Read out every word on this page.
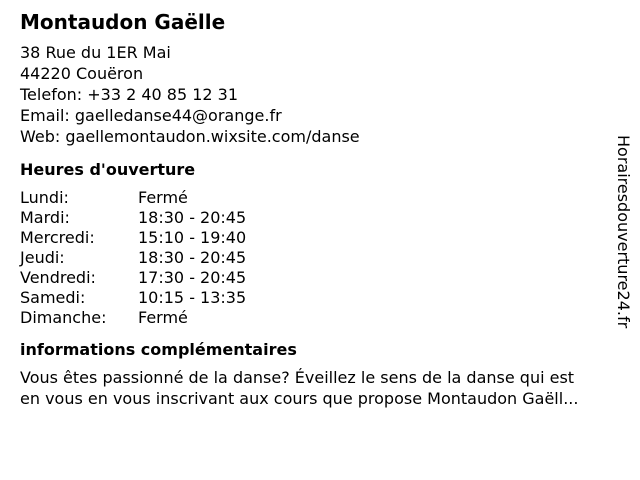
Montaudon Gaëlle
38 Rue du 1ER Mai
44220 Couëron
Telefon: +33 2 40 85 12 31
Email: gaelledanse44@orange.fr
Web: gaellemontaudon.wixsite.com/danse
Heures d'ouverture
Lundi:	Fermé
Mardi:	18:30 - 20:45
Mercredi:	15:10 - 19:40
Jeudi:	18:30 - 20:45
Vendredi:	17:30 - 20:45
Samedi:	10:15 - 13:35
Dimanche:	Fermé
informations complémentaires
Vous êtes passionné de la danse? Éveillez le sens de la danse qui est
en vous en vous inscrivant aux cours que propose Montaudon Gaëll...
Horairesdouverture24.fr
